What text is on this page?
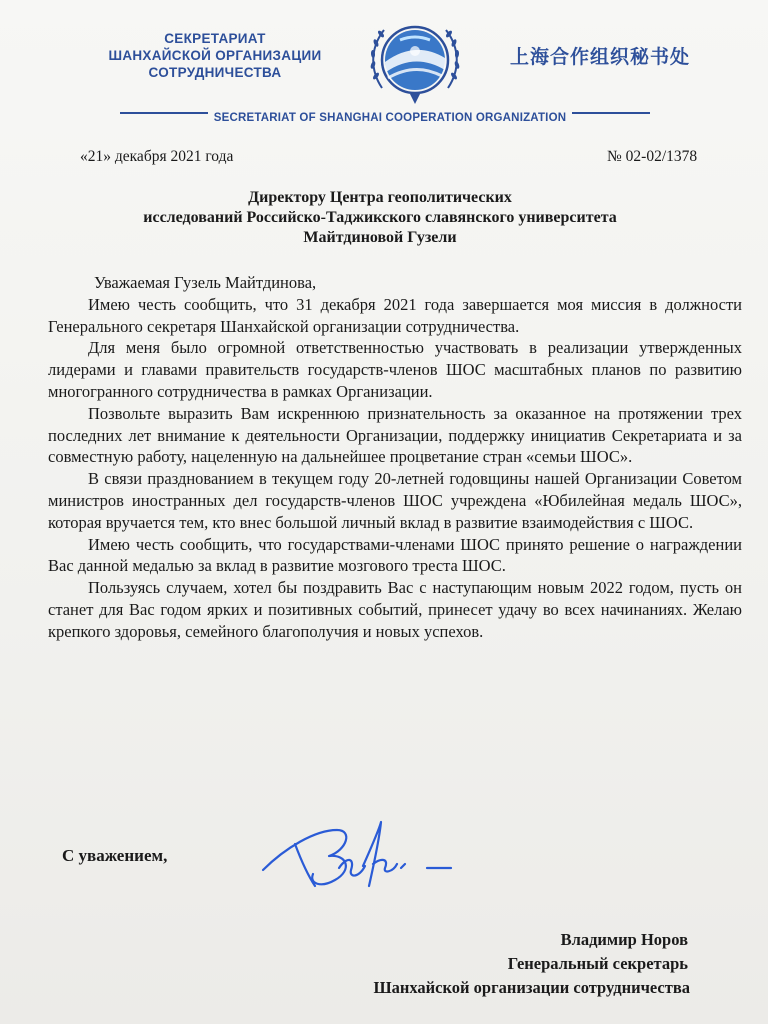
СЕКРЕТАРИАТ
ШАНХАЙСКОЙ ОРГАНИЗАЦИИ
СОТРУДНИЧЕСТВА
上海合作组织秘书处
SECRETARIAT OF SHANGHAI COOPERATION ORGANIZATION
«21» декабря 2021 года	№ 02-02/1378
Директору Центра геополитических
исследований Российско-Таджикского славянского университета
Майтдиновой Гузели

Уважаемая Гузель Майтдинова,

Имею честь сообщить, что 31 декабря 2021 года завершается моя миссия в должности Генерального секретаря Шанхайской организации сотрудничества.

Для меня было огромной ответственностью участвовать в реализации утвержденных лидерами и главами правительств государств-членов ШОС масштабных планов по развитию многогранного сотрудничества в рамках Организации.

Позвольте выразить Вам искреннюю признательность за оказанное на протяжении трех последних лет внимание к деятельности Организации, поддержку инициатив Секретариата и за совместную работу, нацеленную на дальнейшее процветание стран «семьи ШОС».

В связи празднованием в текущем году 20-летней годовщины нашей Организации Советом министров иностранных дел государств-членов ШОС учреждена «Юбилейная медаль ШОС», которая вручается тем, кто внес большой личный вклад в развитие взаимодействия с ШОС.

Имею честь сообщить, что государствами-членами ШОС принято решение о награждении Вас данной медалью за вклад в развитие мозгового треста ШОС.

Пользуясь случаем, хотел бы поздравить Вас с наступающим новым 2022 годом, пусть он станет для Вас годом ярких и позитивных событий, принесет удачу во всех начинаниях. Желаю крепкого здоровья, семейного благополучия и новых успехов.

С уважением,
Владимир Норов
Генеральный секретарь
Шанхайской организации сотрудничества
